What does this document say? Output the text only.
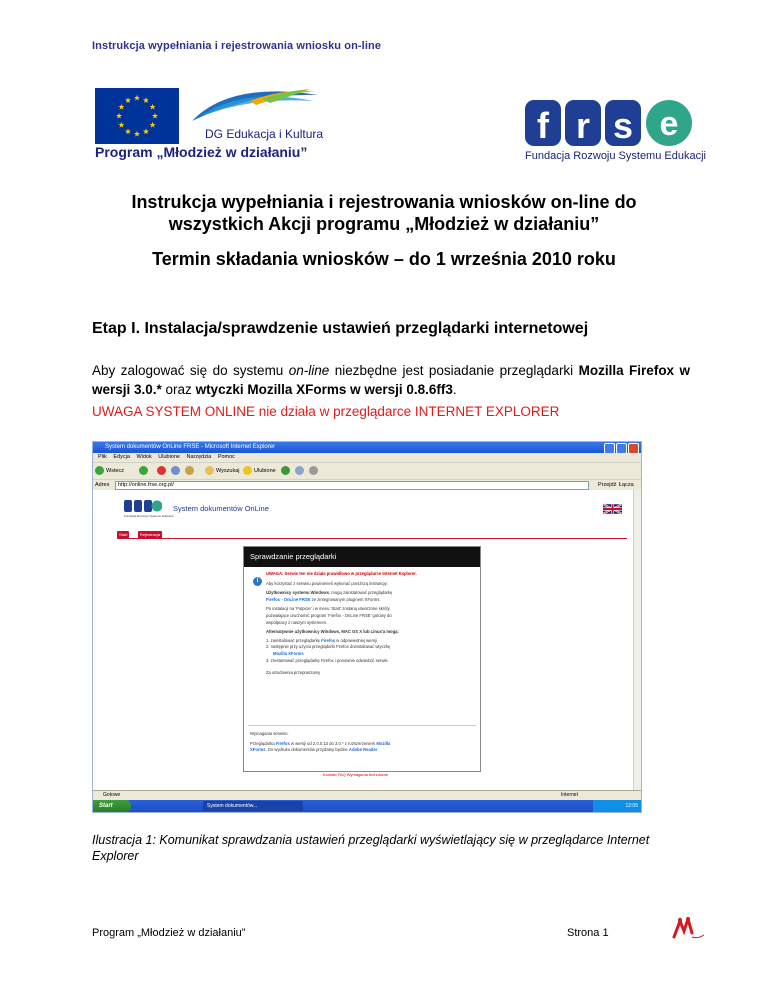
Instrukcja wypełniania i rejestrowania wniosku on-line
DG Edukacja i Kultura
Program „Młodzież w działaniu”
f r s e
Fundacja Rozwoju Systemu Edukacji
Instrukcja wypełniania i rejestrowania wniosków on-line do
wszystkich Akcji programu „Młodzież w działaniu”
Termin składania wniosków – do 1 września 2010 roku
Etap I. Instalacja/sprawdzenie ustawień przeglądarki internetowej
Aby zalogować się do systemu on-line niezbędne jest posiadanie przeglądarki Mozilla Firefox w wersji 3.0.* oraz wtyczki Mozilla XForms w wersji 0.8.6ff3.
UWAGA SYSTEM ONLINE nie działa w przeglądarce INTERNET EXPLORER
System dokumentów OnLine FRSE - Microsoft Internet Explorer
Plik Edycja Widok Ulubione Narzędzia Pomoc
Wstecz	Wyszukaj	Ulubione
Adres	http://online.frse.org.pl/	Przejdź Łącza
Fundacja Rozwoju Systemu Edukacji
System dokumentów OnLine
Start	Rejestracja
Sprawdzanie przeglądarki
i
UWAGA: Serwis ten nie działa prawidłowo w przeglądarce Internet Explorer.
Aby korzystać z serwisu powinieneś wykonać poniższą instrukcję:
Użytkownicy systemu Windows, mogą zainstalować przeglądarkę
Firefox - OnLine FRSE ze zintegrowanym pluginem XForms.
Po instalacji na 'Pulpicie' i w menu 'Start' zostaną utworzone skróty
pozwalające uruchomić program 'Firefox - OnLine FRSE' gotowy do
współpracy z naszym systemem.
Alternatywnie użytkownicy Windows, MAC OS X lub Linux'a mogą:
1. zainstalować przeglądarkę Firefox w odpowiedniej wersji
2. następnie przy użyciu przeglądarki Firefox doinstalować wtyczkę
Mozilla XForms
3. zrestartować przeglądarkę Firefox i ponownie odwiedzić serwis.
Za utrudnienia przepraszamy
Wymagania serwisu:
Przeglądarka Firefox w wersji od 2.0.0.13 do 3.0.* z rozszerzeniem Mozilla
XForms. Do wydruku dokumentów przydatny będzie Adobe Reader
Kontakt FAQ Wymagania techniczne
Gotowe	Internet
Start	System dokumentów...	12:05
Ilustracja 1: Komunikat sprawdzania ustawień przeglądarki wyświetlający się w przeglądarce Internet Explorer
Program „Młodzież w działaniu”	Strona 1
